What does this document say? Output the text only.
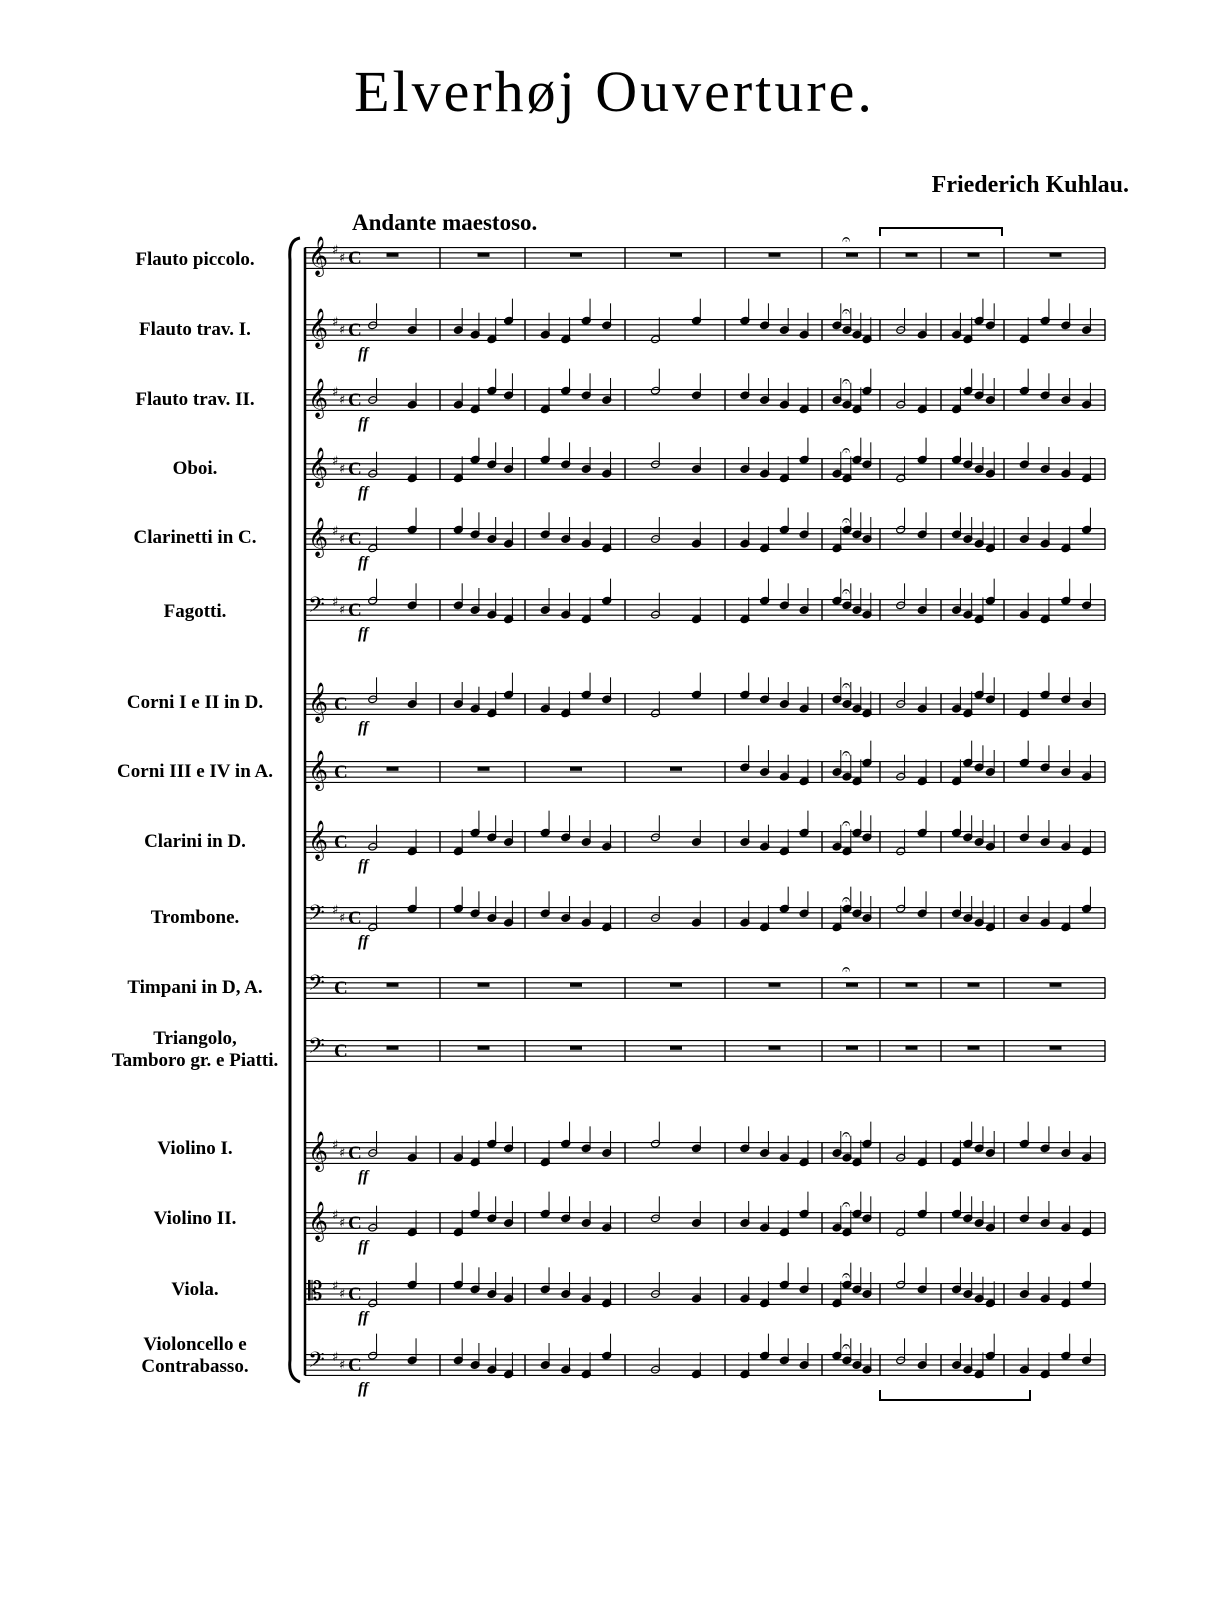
Elverhøj Ouverture.
Friederich Kuhlau.
Andante maestoso.
Flauto piccolo.
Flauto trav. I.
Flauto trav. II.
Oboi.
Clarinetti in C.
Fagotti.
Corni I e II in D.
Corni III e IV in A.
Clarini in D.
Trombone.
Timpani in D, A.
Triangolo,
Tamboro gr. e Piatti.
Violino I.
Violino II.
Viola.
Violoncello e
Contrabasso.
𝄞 ♯
♯ C
𝄐
𝄞 ♯
♯ C
𝄐
ff
𝄞 ♯
♯ C
𝄐
ff
𝄞 ♯
♯ C
𝄐
ff
𝄞 ♯
♯ C
𝄐
ff
𝄢 ♯
♯ C
𝄐
ff
𝄞 C
𝄐
ff
𝄞 C
𝄐
𝄞 C
𝄐
ff
𝄢 ♯
♯ C
𝄐
ff
𝄢 C
𝄐
𝄢 C
𝄞 ♯
♯ C
𝄐
ff
𝄞 ♯
♯ C
𝄐
ff
𝄡 ♯
♯ C
𝄐
ff
𝄢 ♯
♯ C
𝄐
ff
